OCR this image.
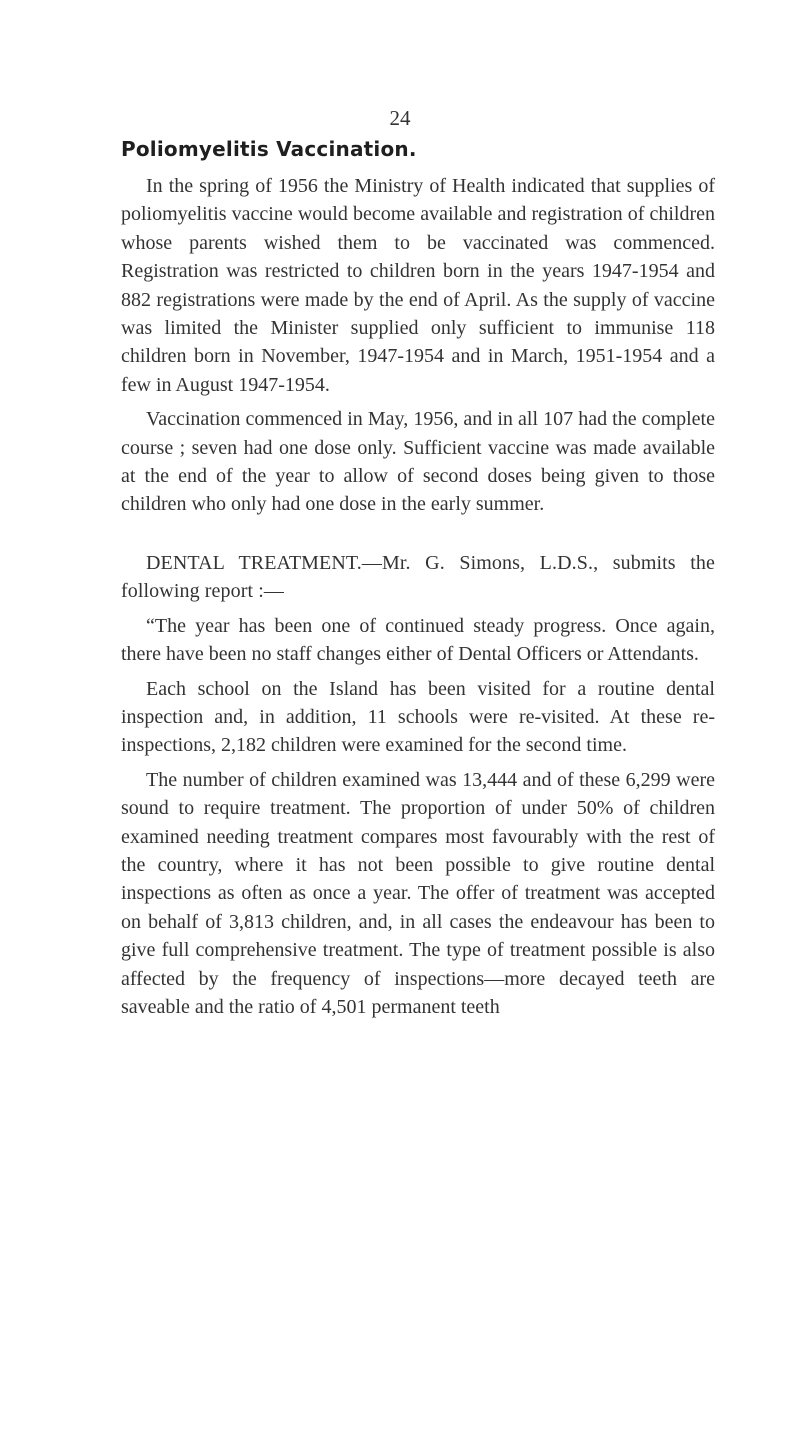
24
Poliomyelitis Vaccination.

In the spring of 1956 the Ministry of Health indicated that supplies of poliomyelitis vaccine would become available and registration of children whose parents wished them to be vaccinated was commenced. Registration was restricted to children born in the years 1947-1954 and 882 registrations were made by the end of April. As the supply of vaccine was limited the Minister supplied only sufficient to immunise 118 children born in November, 1947-1954 and in March, 1951-1954 and a few in August 1947-1954.

Vaccination commenced in May, 1956, and in all 107 had the complete course ; seven had one dose only. Sufficient vaccine was made available at the end of the year to allow of second doses being given to those children who only had one dose in the early summer.

DENTAL TREATMENT.—Mr. G. Simons, L.D.S., submits the following report :—

“The year has been one of continued steady progress. Once again, there have been no staff changes either of Dental Officers or Attendants.

Each school on the Island has been visited for a routine dental inspection and, in addition, 11 schools were re-visited. At these re-inspections, 2,182 children were examined for the second time.

The number of children examined was 13,444 and of these 6,299 were sound to require treatment. The proportion of under 50% of children examined needing treatment compares most favourably with the rest of the country, where it has not been possible to give routine dental inspections as often as once a year. The offer of treatment was accepted on behalf of 3,813 children, and, in all cases the endeavour has been to give full comprehensive treatment. The type of treatment possible is also affected by the frequency of inspections—more decayed teeth are saveable and the ratio of 4,501 permanent teeth
